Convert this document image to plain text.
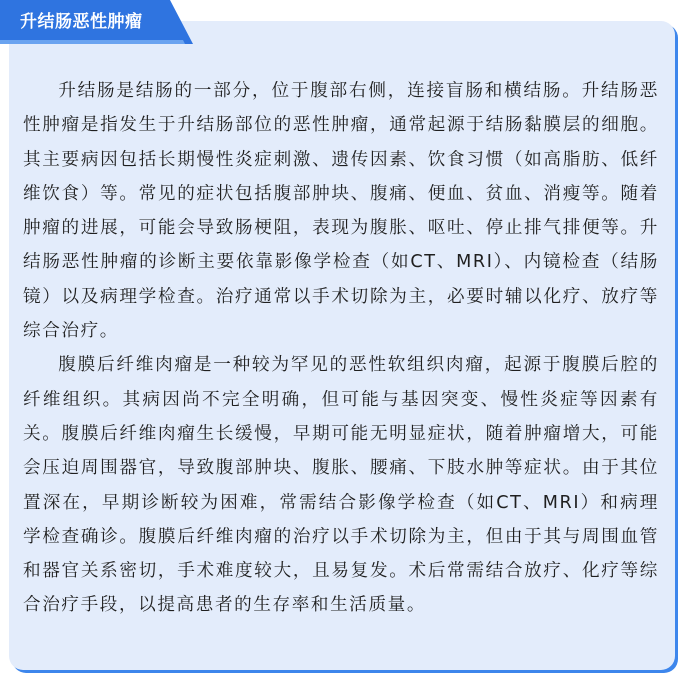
升结肠恶性肿瘤

升结肠是结肠的一部分，位于腹部右侧，连接盲肠和横结肠。升结肠恶性肿瘤是指发生于升结肠部位的恶性肿瘤，通常起源于结肠黏膜层的细胞。其主要病因包括长期慢性炎症刺激、遗传因素、饮食习惯（如高脂肪、低纤维饮食）等。常见的症状包括腹部肿块、腹痛、便血、贫血、消瘦等。随着肿瘤的进展，可能会导致肠梗阻，表现为腹胀、呕吐、停止排气排便等。升结肠恶性肿瘤的诊断主要依靠影像学检查（如CT、MRI）、内镜检查（结肠镜）以及病理学检查。治疗通常以手术切除为主，必要时辅以化疗、放疗等综合治疗。

腹膜后纤维肉瘤是一种较为罕见的恶性软组织肉瘤，起源于腹膜后腔的纤维组织。其病因尚不完全明确，但可能与基因突变、慢性炎症等因素有关。腹膜后纤维肉瘤生长缓慢，早期可能无明显症状，随着肿瘤增大，可能会压迫周围器官，导致腹部肿块、腹胀、腰痛、下肢水肿等症状。由于其位置深在，早期诊断较为困难，常需结合影像学检查（如CT、MRI）和病理学检查确诊。腹膜后纤维肉瘤的治疗以手术切除为主，但由于其与周围血管和器官关系密切，手术难度较大，且易复发。术后常需结合放疗、化疗等综合治疗手段，以提高患者的生存率和生活质量。
